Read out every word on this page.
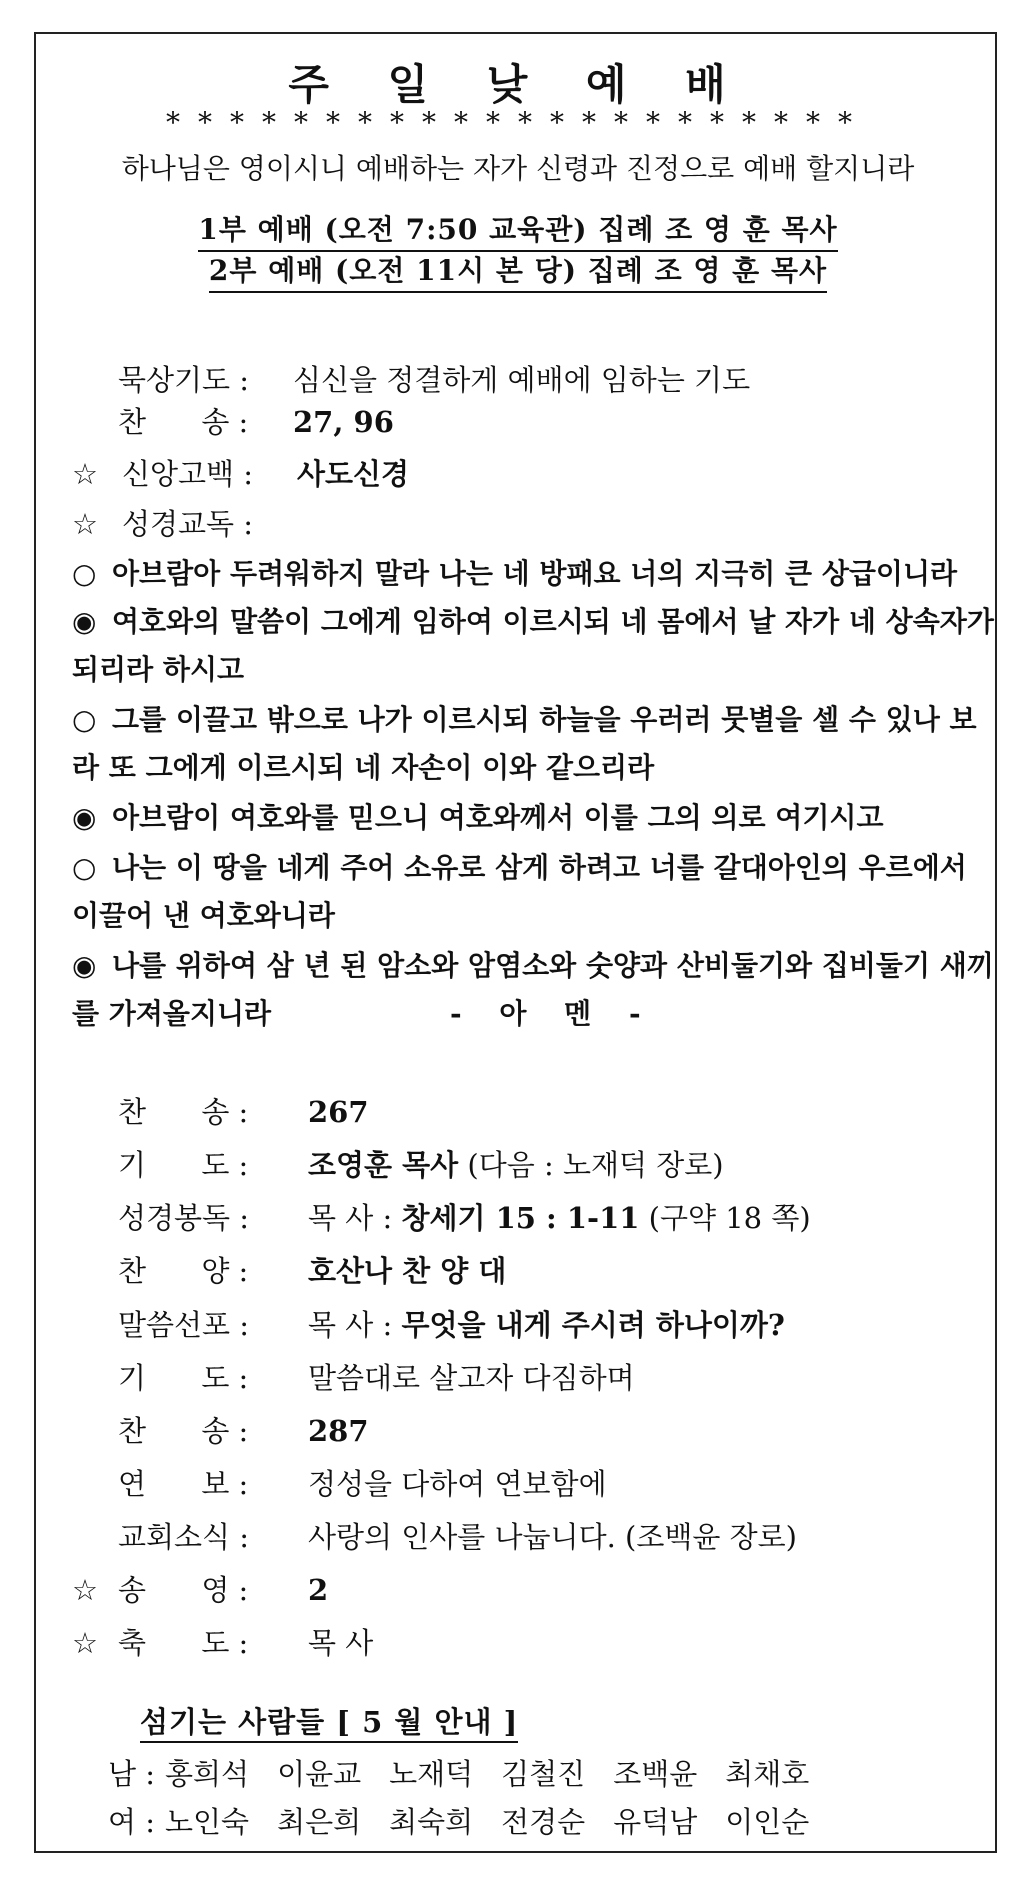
주 일 낮 예 배
**********************
하나님은 영이시니 예배하는 자가 신령과 진정으로 예배 할지니라
1부 예배 (오전 7:50 교육관) 집례 조 영 훈 목사
2부 예배 (오전 11시 본 당) 집례 조 영 훈 목사
묵상기도 : 심신을 정결하게 예배에 임하는 기도
찬      송 : 27, 96
☆ 신앙고백 : 사도신경
☆ 성경교독 :
○ 아브람아 두려워하지 말라 나는 네 방패요 너의 지극히 큰 상급이니라
◉ 여호와의 말씀이 그에게 임하여 이르시되 네 몸에서 날 자가 네 상속자가
되리라 하시고
○ 그를 이끌고 밖으로 나가 이르시되 하늘을 우러러 뭇별을 셀 수 있나 보
라 또 그에게 이르시되 네 자손이 이와 같으리라
◉ 아브람이 여호와를 믿으니 여호와께서 이를 그의 의로 여기시고
○ 나는 이 땅을 네게 주어 소유로 삼게 하려고 너를 갈대아인의 우르에서
이끌어 낸 여호와니라
◉ 나를 위하여 삼 년 된 암소와 암염소와 숫양과 산비둘기와 집비둘기 새끼
를 가져올지니라	- 아 멘 -
찬      송 : 267
기      도 : 조영훈 목사 (다음 : 노재덕 장로)
성경봉독 : 목 사 : 창세기 15 : 1-11 (구약 18 쪽)
찬      양 : 호산나 찬 양 대
말씀선포 : 목 사 : 무엇을 내게 주시려 하나이까?
기      도 : 말씀대로 살고자 다짐하며
찬      송 : 287
연      보 : 정성을 다하여 연보함에
교회소식 : 사랑의 인사를 나눕니다. (조백윤 장로)
☆ 송      영 : 2
☆ 축      도 : 목 사
섬기는 사람들 [ 5 월 안내 ]
남 : 홍희석 이윤교 노재덕 김철진 조백윤 최채호
여 : 노인숙 최은희 최숙희 전경순 유덕남 이인순
